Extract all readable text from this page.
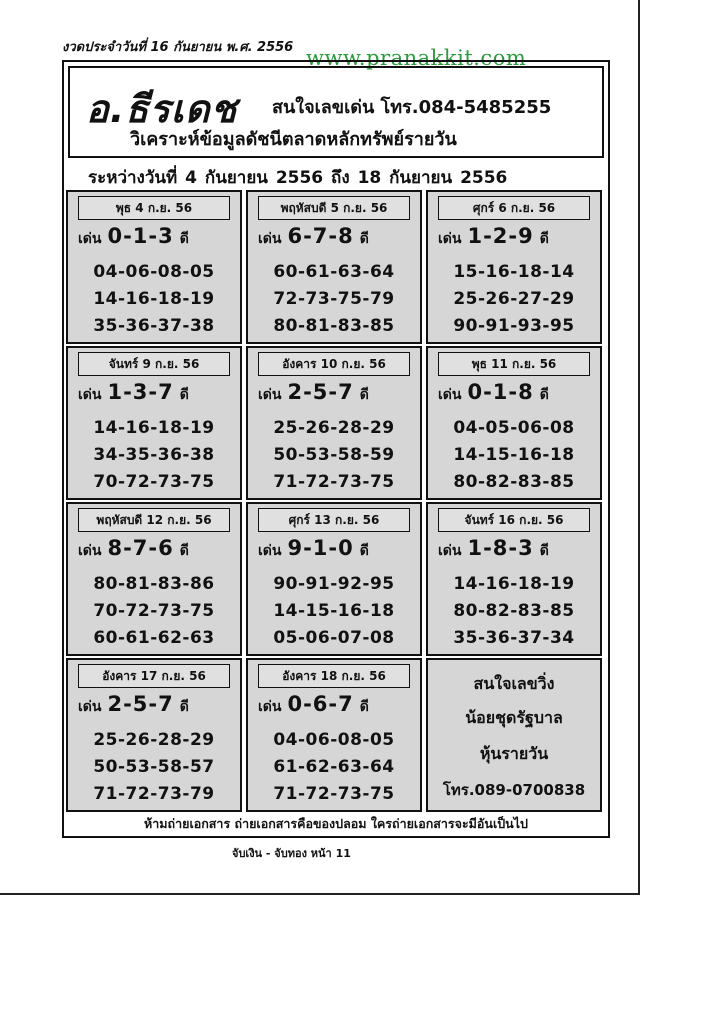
งวดประจำวันที่ 16 กันยายน พ.ศ. 2556 www.pranakkit.com
อ.ธีรเดช สนใจเลขเด่น โทร.084-5485255
วิเคราะห์ข้อมูลดัชนีตลาดหลักทรัพย์รายวัน
ระหว่างวันที่ 4 กันยายน 2556 ถึง 18 กันยายน 2556
พุธ 4 ก.ย. 56
เด่น 0-1-3 ดี
04-06-08-05
14-16-18-19
35-36-37-38
พฤหัสบดี 5 ก.ย. 56
เด่น 6-7-8 ดี
60-61-63-64
72-73-75-79
80-81-83-85
ศุกร์ 6 ก.ย. 56
เด่น 1-2-9 ดี
15-16-18-14
25-26-27-29
90-91-93-95
จันทร์ 9 ก.ย. 56
เด่น 1-3-7 ดี
14-16-18-19
34-35-36-38
70-72-73-75
อังคาร 10 ก.ย. 56
เด่น 2-5-7 ดี
25-26-28-29
50-53-58-59
71-72-73-75
พุธ 11 ก.ย. 56
เด่น 0-1-8 ดี
04-05-06-08
14-15-16-18
80-82-83-85
พฤหัสบดี 12 ก.ย. 56
เด่น 8-7-6 ดี
80-81-83-86
70-72-73-75
60-61-62-63
ศุกร์ 13 ก.ย. 56
เด่น 9-1-0 ดี
90-91-92-95
14-15-16-18
05-06-07-08
จันทร์ 16 ก.ย. 56
เด่น 1-8-3 ดี
14-16-18-19
80-82-83-85
35-36-37-34
อังคาร 17 ก.ย. 56
เด่น 2-5-7 ดี
25-26-28-29
50-53-58-57
71-72-73-79
อังคาร 18 ก.ย. 56
เด่น 0-6-7 ดี
04-06-08-05
61-62-63-64
71-72-73-75
สนใจเลขวิ่ง
น้อยชุดรัฐบาล
หุ้นรายวัน
โทร.089-0700838
ห้ามถ่ายเอกสาร ถ่ายเอกสารคือของปลอม ใครถ่ายเอกสารจะมีอันเป็นไป
จับเงิน - จับทอง หน้า 11
